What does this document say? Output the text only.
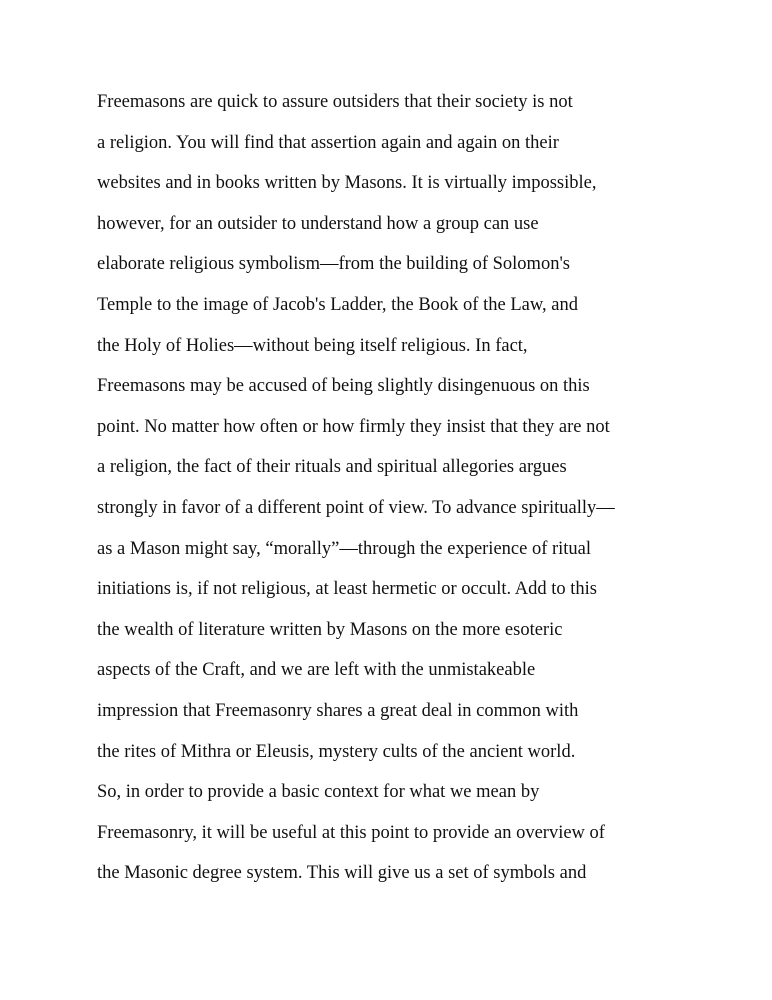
Freemasons are quick to assure outsiders that their society is not
a religion. You will find that assertion again and again on their
websites and in books written by Masons. It is virtually impossible,
however, for an outsider to understand how a group can use
elaborate religious symbolism—from the building of Solomon's
Temple to the image of Jacob's Ladder, the Book of the Law, and
the Holy of Holies—without being itself religious. In fact,
Freemasons may be accused of being slightly disingenuous on this
point. No matter how often or how firmly they insist that they are not
a religion, the fact of their rituals and spiritual allegories argues
strongly in favor of a different point of view. To advance spiritually—
as a Mason might say, “morally”—through the experience of ritual
initiations is, if not religious, at least hermetic or occult. Add to this
the wealth of literature written by Masons on the more esoteric
aspects of the Craft, and we are left with the unmistakeable
impression that Freemasonry shares a great deal in common with
the rites of Mithra or Eleusis, mystery cults of the ancient world.
So, in order to provide a basic context for what we mean by
Freemasonry, it will be useful at this point to provide an overview of
the Masonic degree system. This will give us a set of symbols and
